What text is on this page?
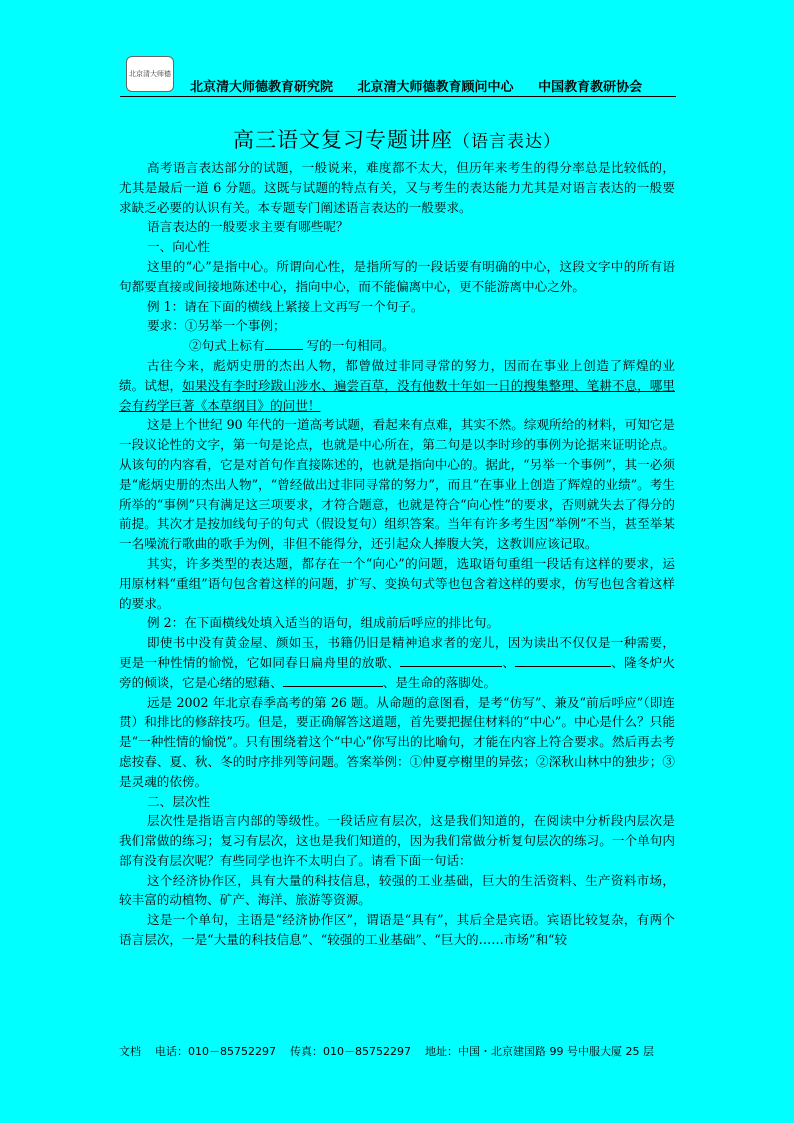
北京清大师德
北京清大师德教育研究院 北京清大师德教育顾问中心 中国教育教研协会
高三语文复习专题讲座（语言表达）

高考语言表达部分的试题，一般说来，难度都不太大，但历年来考生的得分率总是比较低的，尤其是最后一道 6 分题。这既与试题的特点有关，又与考生的表达能力尤其是对语言表达的一般要求缺乏必要的认识有关。本专题专门阐述语言表达的一般要求。

语言表达的一般要求主要有哪些呢？

一、向心性

这里的“心”是指中心。所谓向心性，是指所写的一段话要有明确的中心，这段文字中的所有语句都要直接或间接地陈述中心，指向中心，而不能偏离中心，更不能游离中心之外。

例 1：请在下面的横线上紧接上文再写一个句子。

要求：①另举一个事例；

②句式上标有	写的一句相同。

古往今来，彪炳史册的杰出人物，都曾做过非同寻常的努力，因而在事业上创造了辉煌的业绩。试想，如果没有李时珍跋山涉水、遍尝百草，没有他数十年如一日的搜集整理、笔耕不息，哪里会有药学巨著《本草纲目》的问世！

这是上个世纪 90 年代的一道高考试题，看起来有点难，其实不然。综观所给的材料，可知它是一段议论性的文字，第一句是论点，也就是中心所在，第二句是以李时珍的事例为论据来证明论点。从该句的内容看，它是对首句作直接陈述的，也就是指向中心的。据此，“另举一个事例”，其一必须是“彪炳史册的杰出人物”，“曾经做出过非同寻常的努力”，而且“在事业上创造了辉煌的业绩”。考生所举的“事例”只有满足这三项要求，才符合题意，也就是符合“向心性”的要求，否则就失去了得分的前提。其次才是按加线句子的句式（假设复句）组织答案。当年有许多考生因“举例”不当，甚至举某一名噪流行歌曲的歌手为例，非但不能得分，还引起众人捧腹大笑，这教训应该记取。

其实，许多类型的表达题，都存在一个“向心”的问题，选取语句重组一段话有这样的要求，运用原材料“重组”语句包含着这样的问题，扩写、变换句式等也包含着这样的要求，仿写也包含着这样的要求。

例 2：在下面横线处填入适当的语句，组成前后呼应的排比句。

即使书中没有黄金屋、颜如玉，书籍仍旧是精神追求者的宠儿，因为读出不仅仅是一种需要，更是一种性情的愉悦，它如同春日扁舟里的放歌、	、	、隆冬炉火旁的倾谈，它是心绪的慰藉、	、是生命的落脚处。

远是 2002 年北京春季高考的第 26 题。从命题的意图看，是考“仿写”、兼及“前后呼应”（即连贯）和排比的修辞技巧。但是，要正确解答这道题，首先要把握住材料的“中心”。中心是什么？只能是“一种性情的愉悦”。只有围绕着这个“中心”你写出的比喻句，才能在内容上符合要求。然后再去考虑按春、夏、秋、冬的时序排列等问题。答案举例：①仲夏亭榭里的异弦；②深秋山林中的独步；③是灵魂的依傍。

二、层次性

层次性是指语言内部的等级性。一段话应有层次，这是我们知道的，在阅读中分析段内层次是我们常做的练习；复习有层次，这也是我们知道的，因为我们常做分析复句层次的练习。一个单句内部有没有层次呢？有些同学也许不太明白了。请看下面一句话：

这个经济协作区，具有大量的科技信息，较强的工业基础，巨大的生活资料、生产资料市场，较丰富的动植物、矿产、海洋、旅游等资源。

这是一个单句，主语是“经济协作区”，谓语是“具有”，其后全是宾语。宾语比较复杂，有两个语言层次，一是“大量的科技信息”、“较强的工业基础”、“巨大的……市场”和“较

文档 电话：010－85752297 传真：010－85752297 地址：中国・北京建国路 99 号中服大厦 25 层
